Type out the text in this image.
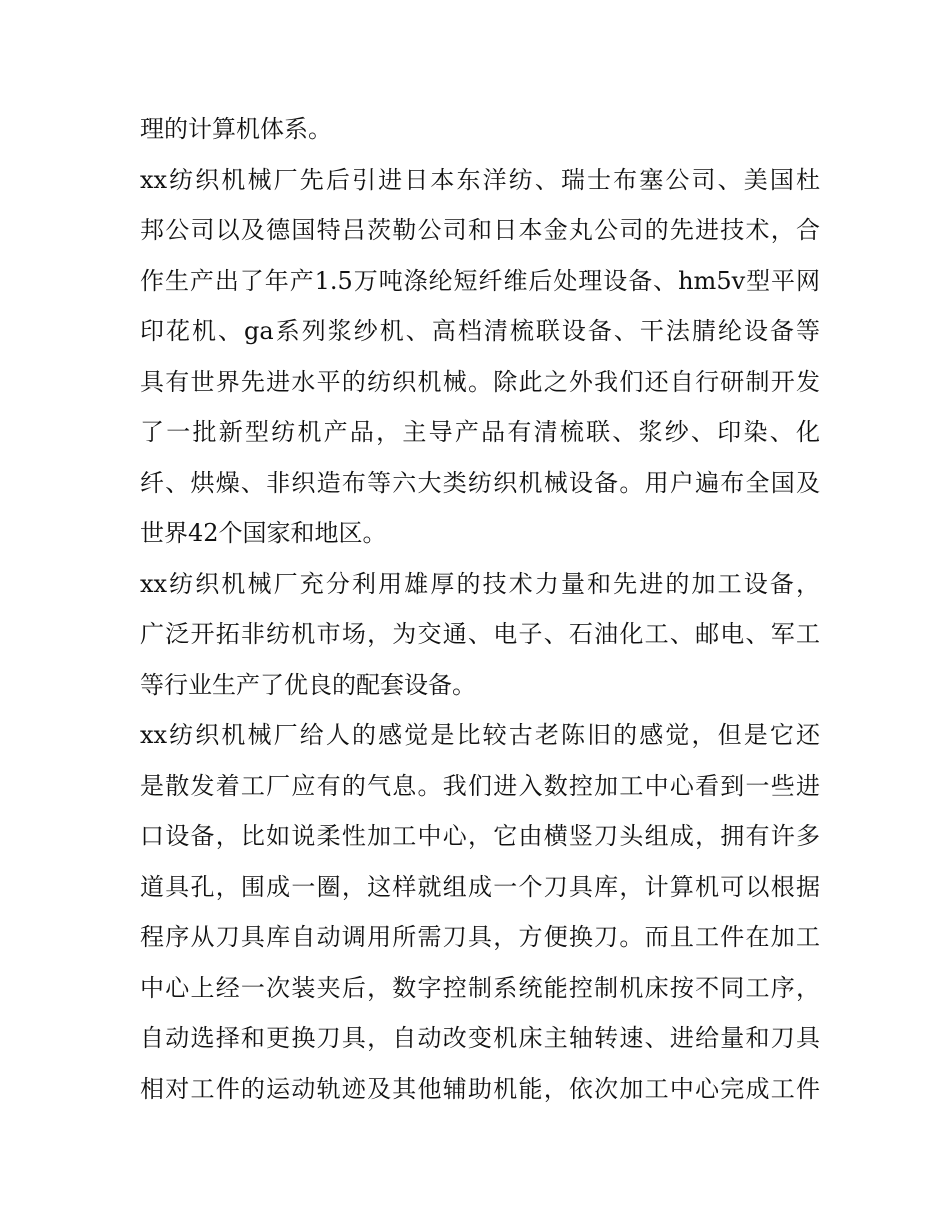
理的计算机体系。
xx纺织机械厂先后引进日本东洋纺、瑞士布塞公司、美国杜
邦公司以及德国特吕茨勒公司和日本金丸公司的先进技术，合
作生产出了年产1.5万吨涤纶短纤维后处理设备、hm5v型平网
印花机、ga系列浆纱机、高档清梳联设备、干法腈纶设备等
具有世界先进水平的纺织机械。除此之外我们还自行研制开发
了一批新型纺机产品，主导产品有清梳联、浆纱、印染、化
纤、烘燥、非织造布等六大类纺织机械设备。用户遍布全国及
世界42个国家和地区。
xx纺织机械厂充分利用雄厚的技术力量和先进的加工设备，
广泛开拓非纺机市场，为交通、电子、石油化工、邮电、军工
等行业生产了优良的配套设备。
xx纺织机械厂给人的感觉是比较古老陈旧的感觉，但是它还
是散发着工厂应有的气息。我们进入数控加工中心看到一些进
口设备，比如说柔性加工中心，它由横竖刀头组成，拥有许多
道具孔，围成一圈，这样就组成一个刀具库，计算机可以根据
程序从刀具库自动调用所需刀具，方便换刀。而且工件在加工
中心上经一次装夹后，数字控制系统能控制机床按不同工序，
自动选择和更换刀具，自动改变机床主轴转速、进给量和刀具
相对工件的运动轨迹及其他辅助机能，依次加工中心完成工件
